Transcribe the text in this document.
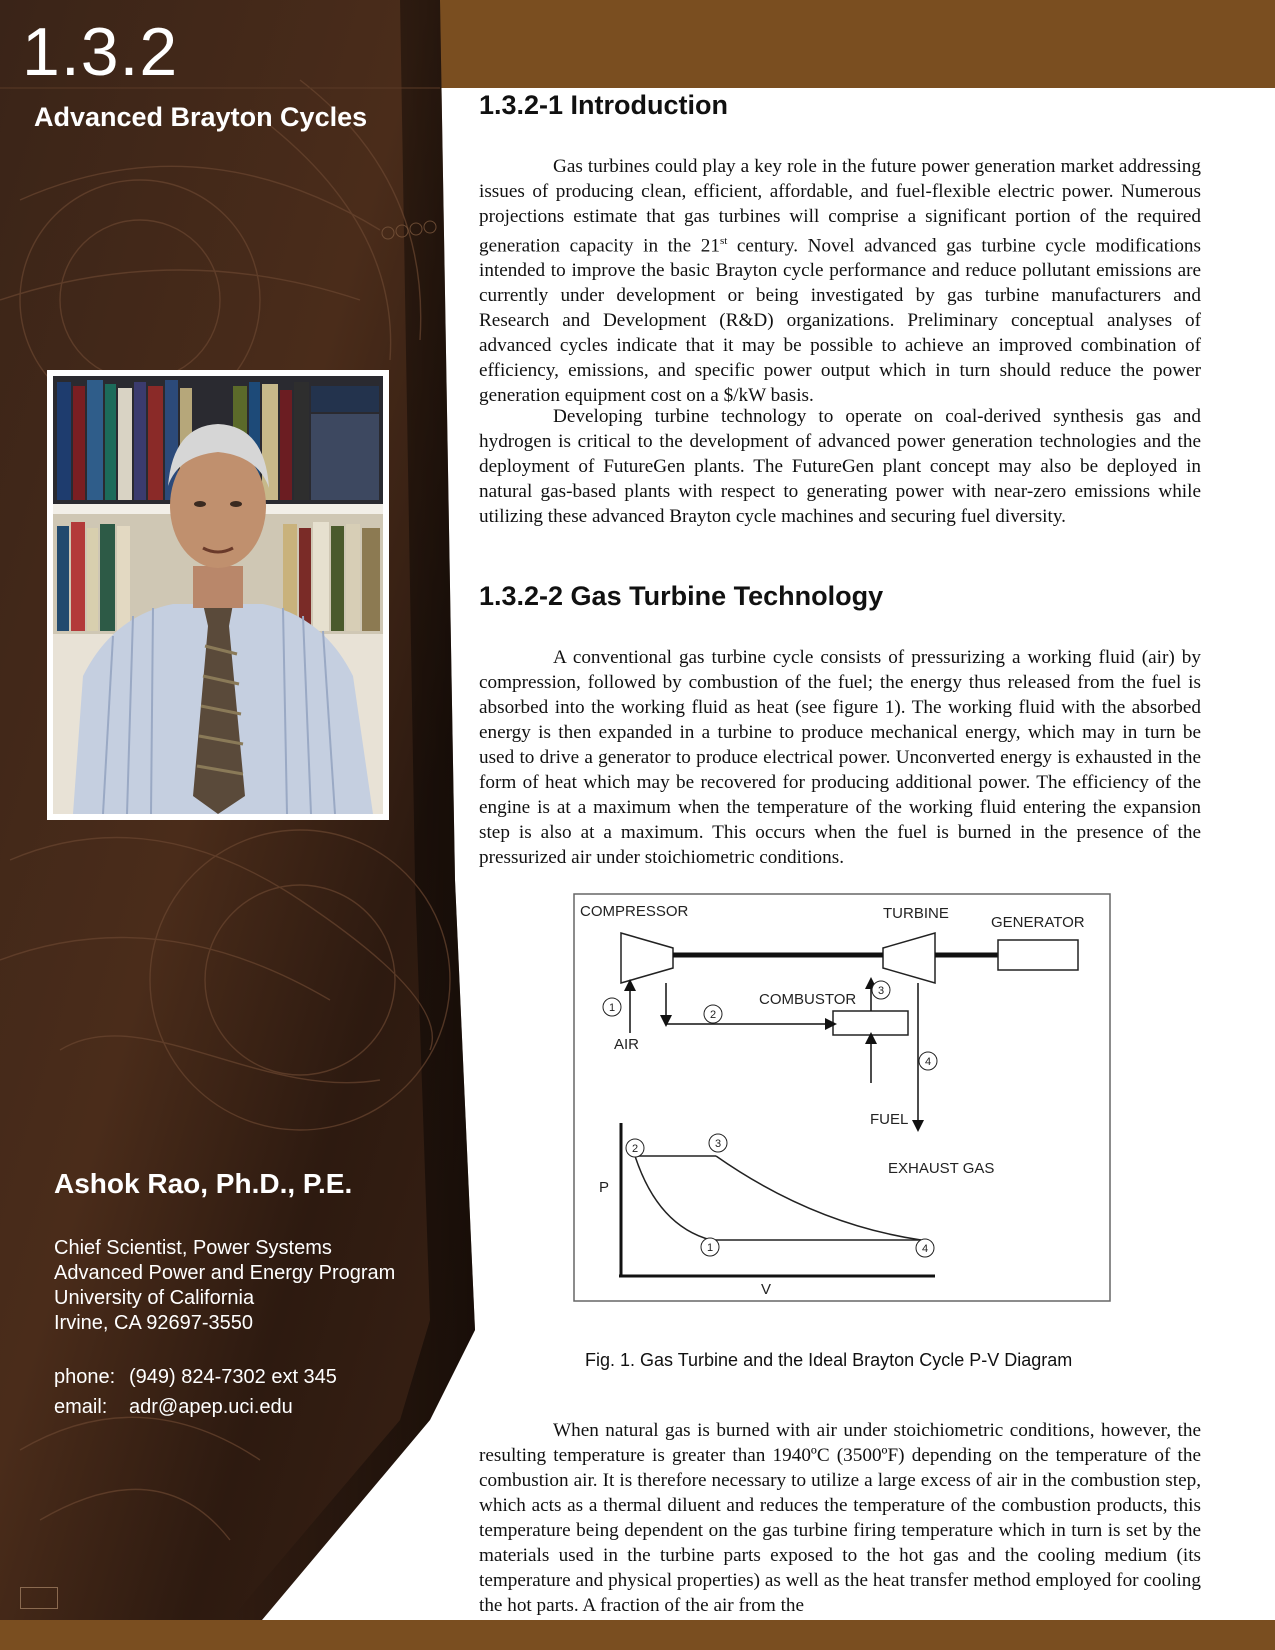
1.3.2
Advanced Brayton Cycles
Ashok Rao, Ph.D., P.E.
Chief Scientist, Power Systems
Advanced Power and Energy Program
University of California
Irvine, CA 92697-3550
phone: (949) 824-7302 ext 345
email: adr@apep.uci.edu
1.3.2-1 Introduction

Gas turbines could play a key role in the future power generation market addressing issues of producing clean, efficient, affordable, and fuel-flexible electric power. Numerous projections estimate that gas turbines will comprise a significant portion of the required generation capacity in the 21st century. Novel advanced gas turbine cycle modifications intended to improve the basic Brayton cycle performance and reduce pollutant emissions are currently under development or being investigated by gas turbine manufacturers and Research and Development (R&D) organizations. Preliminary conceptual analyses of advanced cycles indicate that it may be possible to achieve an improved combination of efficiency, emissions, and specific power output which in turn should reduce the power generation equipment cost on a $/kW basis.

Developing turbine technology to operate on coal-derived synthesis gas and hydrogen is critical to the development of advanced power generation technologies and the deployment of FutureGen plants. The FutureGen plant concept may also be deployed in natural gas-based plants with respect to generating power with near-zero emissions while utilizing these advanced Brayton cycle machines and securing fuel diversity.

1.3.2-2 Gas Turbine Technology

A conventional gas turbine cycle consists of pressurizing a working fluid (air) by compression, followed by combustion of the fuel; the energy thus released from the fuel is absorbed into the working fluid as heat (see figure 1). The working fluid with the absorbed energy is then expanded in a turbine to produce mechanical energy, which may in turn be used to drive a generator to produce electrical power. Unconverted energy is exhausted in the form of heat which may be recovered for producing additional power. The efficiency of the engine is at a maximum when the temperature of the working fluid entering the expansion step is also at a maximum. This occurs when the fuel is burned in the presence of the pressurized air under stoichiometric conditions.

When natural gas is burned with air under stoichiometric conditions, however, the resulting temperature is greater than 1940ºC (3500ºF) depending on the temperature of the combustion air. It is therefore necessary to utilize a large excess of air in the combustion step, which acts as a thermal diluent and reduces the temperature of the combustion products, this temperature being dependent on the gas turbine firing temperature which in turn is set by the materials used in the turbine parts exposed to the hot gas and the cooling medium (its temperature and physical properties) as well as the heat transfer method employed for cooling the hot parts. A fraction of the air from the

COMPRESSOR	TURBINE
GENERATOR
COMBUSTOR
AIR
FUEL
EXHAUST GAS
P
V
1
2
3
4
2	3
1	4
Fig. 1. Gas Turbine and the Ideal Brayton Cycle P-V Diagram
